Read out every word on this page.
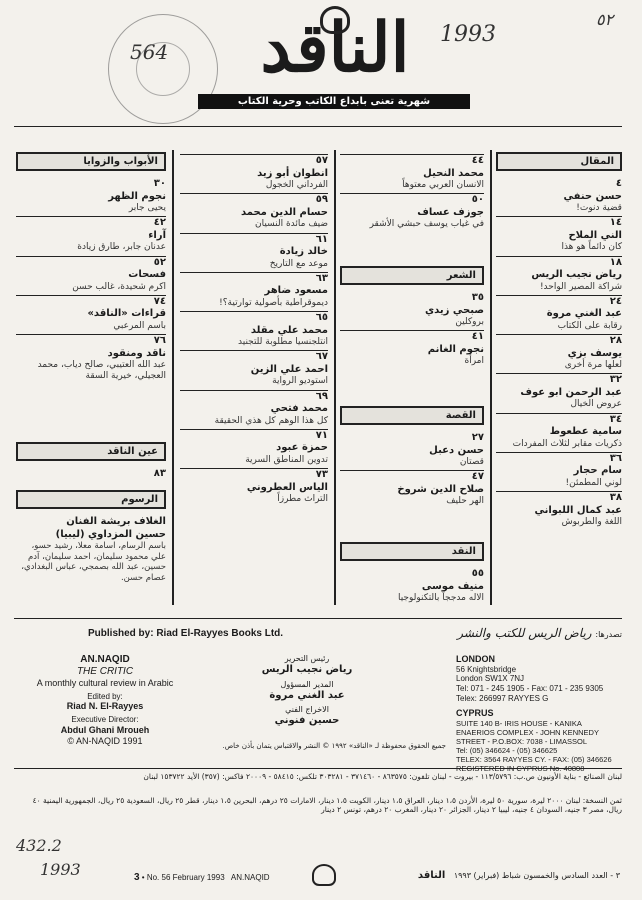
564
1993
٥٢
الناقد
شهرية تعنى بابداع الكاتب وحرية الكتاب
المقال
٤
حسن حنفي
قضية دنوت!
١٤
الني الملاح
كان دائماً هو هذا
١٨
رياض نجيب الريس
شراكة المصير الواحد!
٢٤
عبد الغني مروة
رقابة على الكتاب
٢٨
يوسف بزي
لعلها مرة أخرى
٣٢
عبد الرحمن ابو عوف
عروض الخيال
٣٤
سامية عطعوط
ذكريات مقابر لثلاث المفردات
٣٦
سام حجار
لوني المطمئن!
٣٨
عبد كمال اللبواني
اللغة والطربوش
٤٤
محمد النحيل
الانسان العربي معتوهاً
٥٠
جوزف عساف
في غياب يوسف حبشي الأشقر
الشعر
٣٥
صبحي زيدي
بروكلين
٤١
نجوم الغانم
امرأة
القصة
٢٧
حسن دعبل
قصتان
٤٧
صلاح الدين شروخ
الهر حليف
النقد
٥٥
منيف موسى
الاله مدججاً بالتكنولوجيا
٥٧
انطوان أبو زيد
الفرداني الخجول
٥٩
حسام الدين محمد
ضيف مائدة النسيان
٦١
خالد زيادة
موعد مع التاريخ
٦٣
مسعود ضاهر
ديموقراطية بأصولية توارتية؟!
٦٥
محمد علي مقلد
انتلجنسيا مطلوبة للتجنيد
٦٧
احمد علي الزين
استوديو الرواية
٦٩
محمد فتحي
كل هذا الوهم كل هذي الحقيقة
٧١
حمزة عبود
تدوين المناطق السرية
٧٣
الياس العطروني
التراث مطرزاً
الأبواب والزوايا
٣٠
نجوم الظهر
يحيى جابر
٤٢
آراء
عدنان جابر، طارق زيادة
٥٢
فسحات
اكرم شحيدة، غالب حسن
٧٤
قراءات «الناقد»
باسم المرعبي
٧٦
ناقد ومنقود
عبد الله العتيبي، صالح دياب، محمد العجيلي، خيرية السقة
عين الناقد
٨٣
الرسوم
الغلاف بريشة الفنان
حسين المزداوي (ليبيا)
باسم الرسام، اسامة معلا، رشيد حسو، علي محمود سليمان، احمد سليمان، آدم حسين، عبد الله بصمجي، عباس البغدادي، عصام حسن.
Published by: Riad El-Rayyes Books Ltd.	تصدرها: رياض الريس للكتب والنشر
AN.NAQID
THE CRITIC
A monthly cultural review in Arabic
Edited by:
Riad N. El-Rayyes
Executive Director:
Abdul Ghani Mroueh
© AN-NAQID 1991
رئيس التحرير
رياض نجيب الريس
المدير المسؤول
عبد الغني مروة
الاخراج الفني
حسين فنوني
جميع الحقوق محفوظة لـ «الناقد» ١٩٩٢ © النشر والاقتباس يتمان بأذن خاص.
LONDON
56 Knightsbridge
London SW1X 7NJ
Tel: 071 - 245 1905 - Fax: 071 - 235 9305
Telex: 266997 RAYYES G
CYPRUS
SUITE 140 B- IRIS HOUSE - KANIKA
ENAERIOS COMPLEX - JOHN KENNEDY
STREET - P.O.BOX: 7038 - LIMASSOL
Tel: (05) 346624 - (05) 346625
TELEX: 3564 RAYYES CY. - FAX: (05) 346626
لبنان الصنائع - بناية الأونيون ص.ب: ١١٣/٥٧٩٦ - بيروت - لبنان تلفون: ٨٦٣٥٧٥ - ٣٧١٤٦٠ - ٣٠٣٢٨١ تلكس: ٥٨٤١٥ - ٢٠٠٠٩ فاكس: (٣٥٧) الأيد ١٥٣٧٢٢ لبنان
ثمن النسخة: لبنان ٢٠٠٠ ليرة، سورية ٥٠ ليرة، الأردن ١،٥ دينار، العراق ١،٥ دينار، الكويت ١،٥ دينار، الامارات ٢٥ درهم، البحرين ١،٥ دينار، قطر ٢٥ ريال، السعودية ٢٥ ريال، الجمهورية اليمنية ٤٠ ريال، مصر ٣ جنيه، السودان ٤ جنيه، ليبيا ٢ دينار، الجزائر ٢٠ دينار، المغرب ٢٠ درهم، تونس ٢ دينار
432.2
1993	3 • No. 56 February 1993 AN.NAQID	٣ - العدد السادس والخمسون شباط (فبراير) ١٩٩٣ الناقد
